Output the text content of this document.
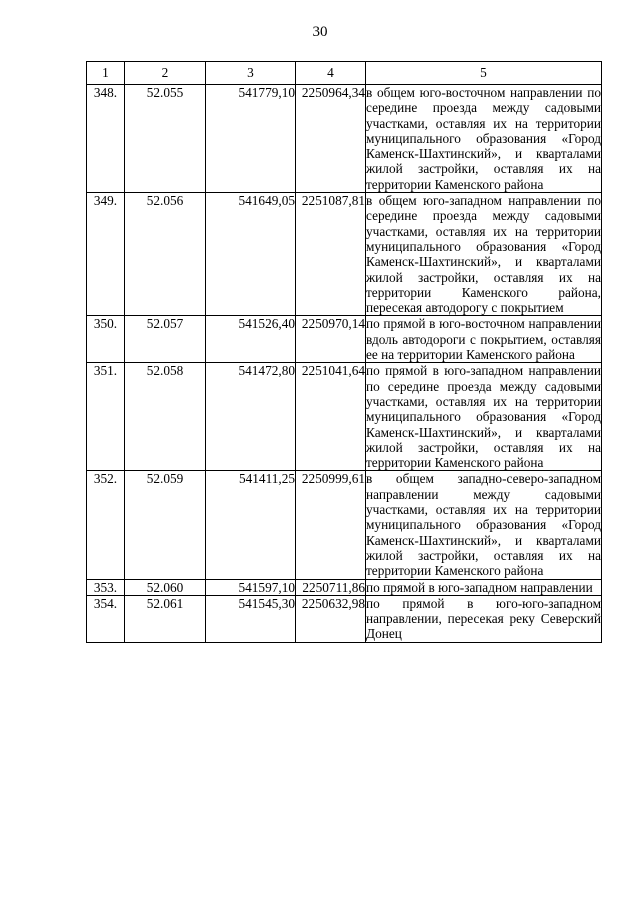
30
1	2	3	4	5
348.	52.055	541779,10	2250964,34	в общем юго-восточном направлении по середине проезда между садовыми участками, оставляя их на территории муниципального образования «Город Каменск-Шахтинский», и кварталами жилой застройки, оставляя их на территории Каменского района
349.	52.056	541649,05	2251087,81	в общем юго-западном направлении по середине проезда между садовыми участками, оставляя их на территории муниципального образования «Город Каменск-Шахтинский», и кварталами жилой застройки, оставляя их на территории Каменского района, пересекая автодорогу с покрытием
350.	52.057	541526,40	2250970,14	по прямой в юго-восточном направлении вдоль автодороги с покрытием, оставляя ее на территории Каменского района
351.	52.058	541472,80	2251041,64	по прямой в юго-западном направлении по середине проезда между садовыми участками, оставляя их на территории муниципального образования «Город Каменск-Шахтинский», и кварталами жилой застройки, оставляя их на территории Каменского района
352.	52.059	541411,25	2250999,61	в общем западно-северо-западном направлении между садовыми участками, оставляя их на территории муниципального образования «Город Каменск-Шахтинский», и кварталами жилой застройки, оставляя их на территории Каменского района
353.	52.060	541597,10	2250711,86	по прямой в юго-западном направлении
354.	52.061	541545,30	2250632,98	по прямой в юго-юго-западном направлении, пересекая реку Северский Донец
